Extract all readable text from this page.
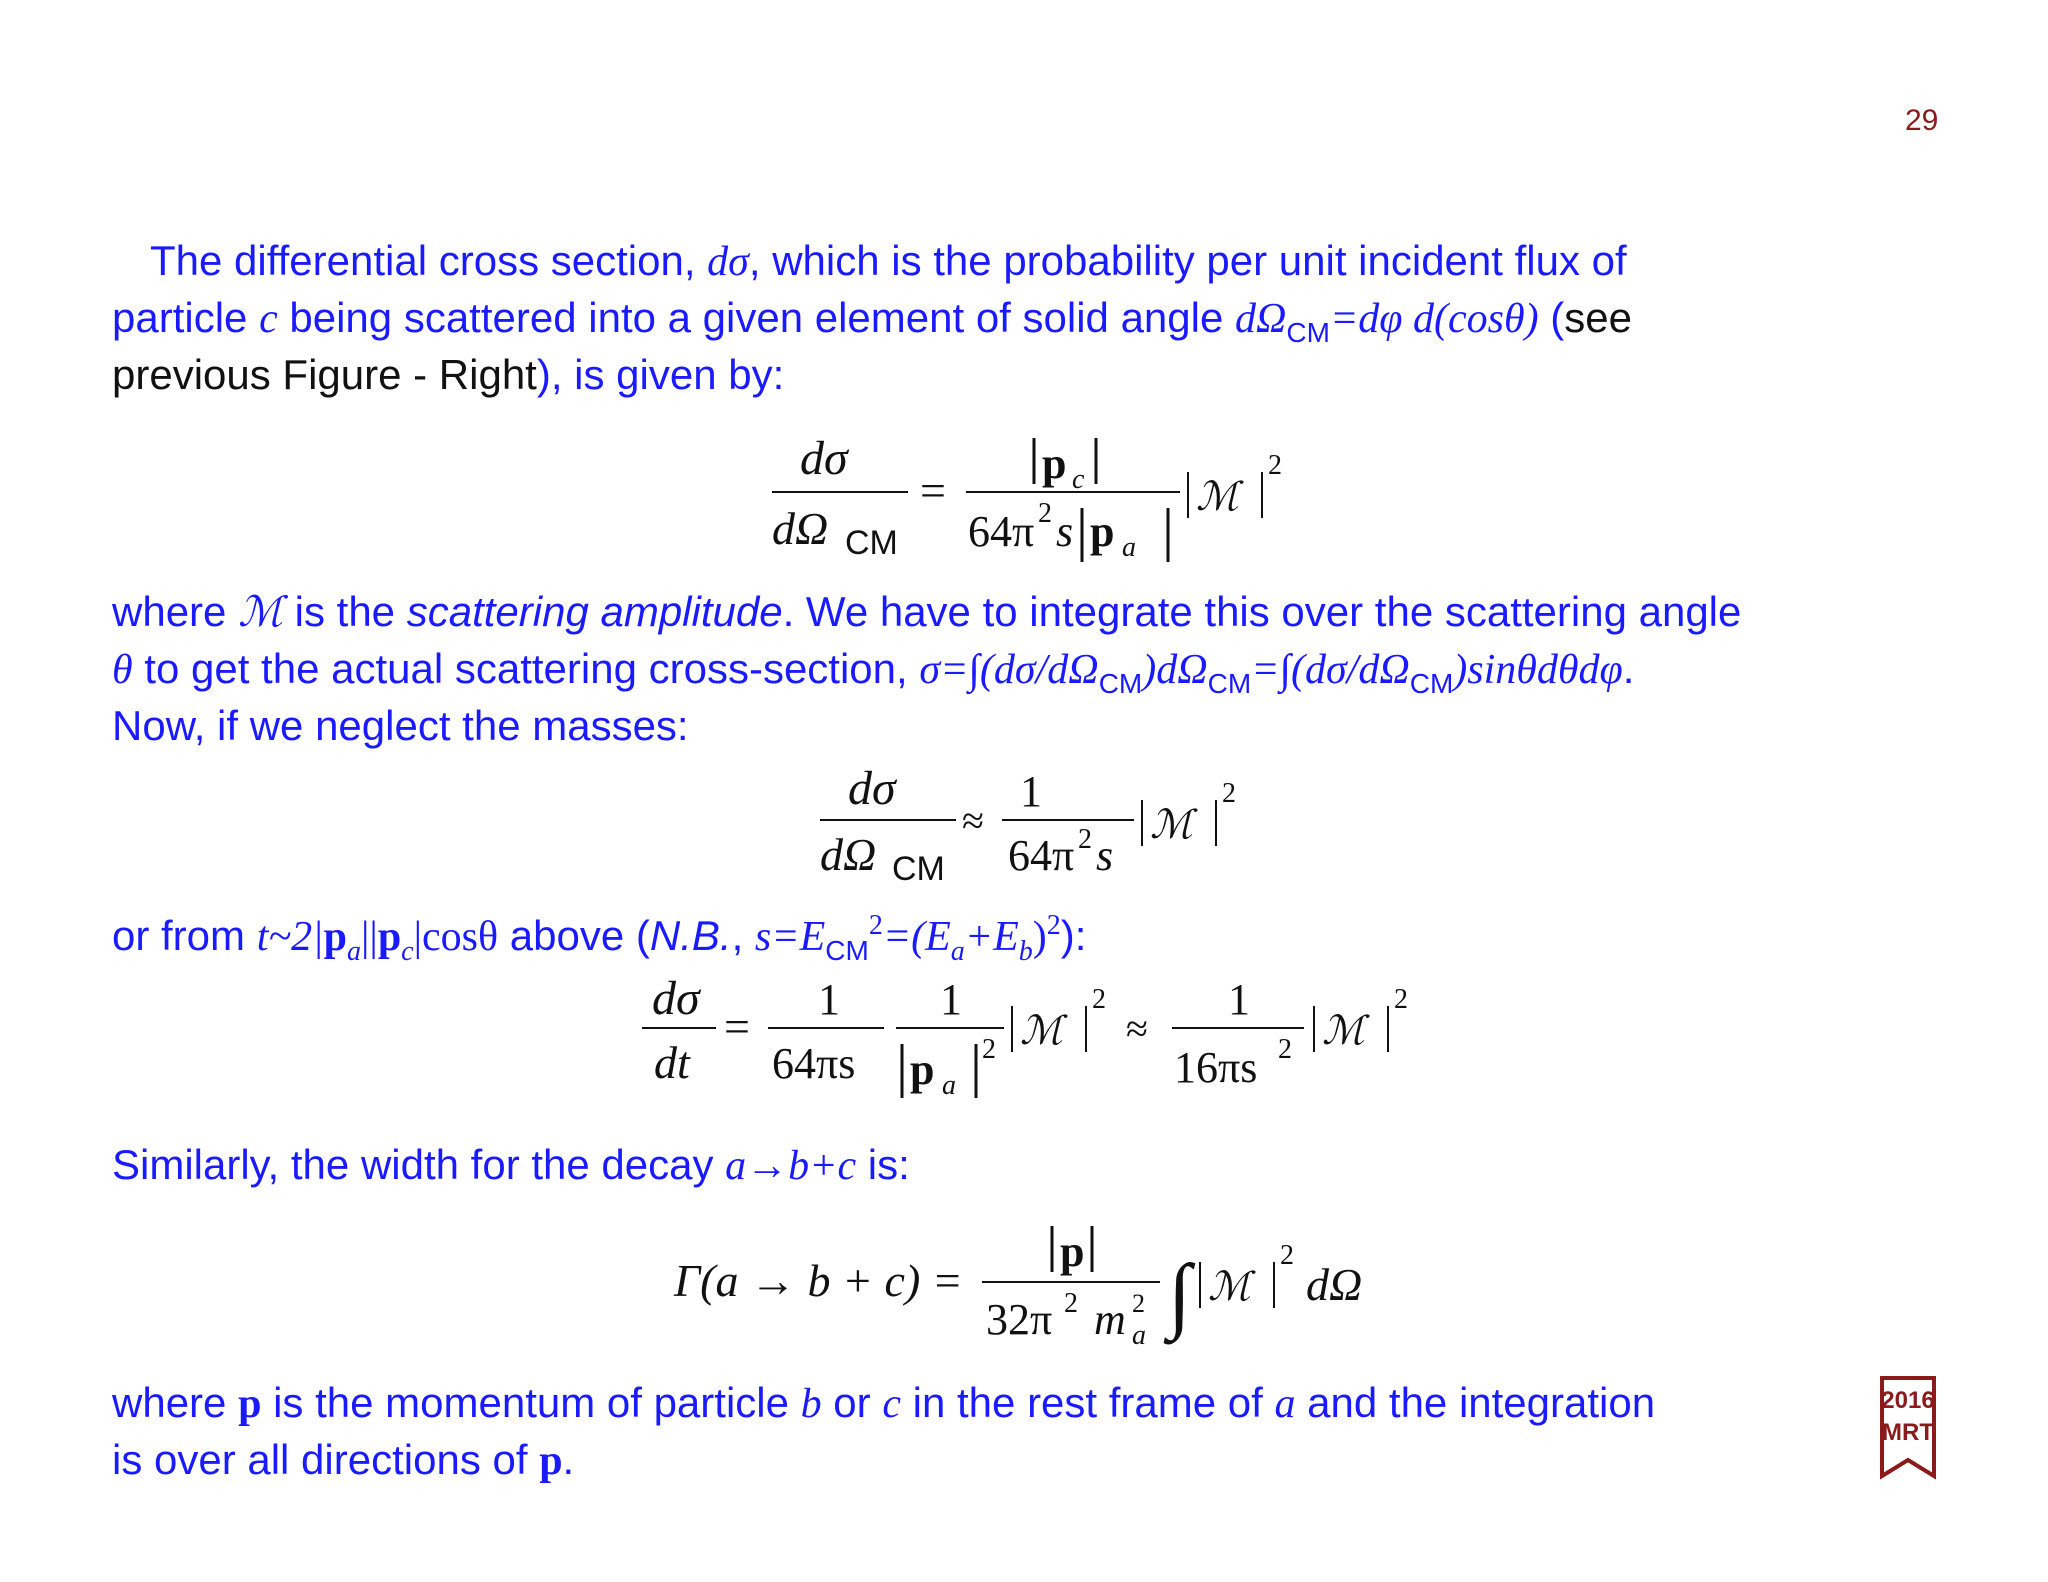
29
The differential cross section, dσ, which is the probability per unit incident flux of
particle c being scattered into a given element of solid angle $d\Omega_{CM}=d\varphi$ d(cosθ) (see
previous Figure - Right), is given by:
dσ
dΩ CM
=
p c
64π 2 s p a
ℳ
2
where ℳ is the scattering amplitude. We have to integrate this over the scattering angle
θ to get the actual scattering cross-section, $\sigma=\int(d\sigma/d\Omega_{CM})d\Omega_{CM}=\int(d\sigma/d\Omega_{CM})\sin\theta d\theta d\varphi$.
Now, if we neglect the masses:
dσ
dΩ CM
≈
1
64π 2 s
ℳ
2
or from $t\sim 2|p_a||p_c|\cos\theta$ above (N.B., $s=E_{CM}^2=(E_a+E_b)^2$):
dσ
dt
=
1
64πs
1
p a
2 ℳ
2
≈
1
16πs 2 ℳ
2
Similarly, the width for the decay a→b+c is:
Γ(a → b + c) =
p
32π 2 m 2
a ∫ ℳ
2
dΩ
where p is the momentum of particle b or c in the rest frame of a and the integration
is over all directions of p.
2016
MRT
